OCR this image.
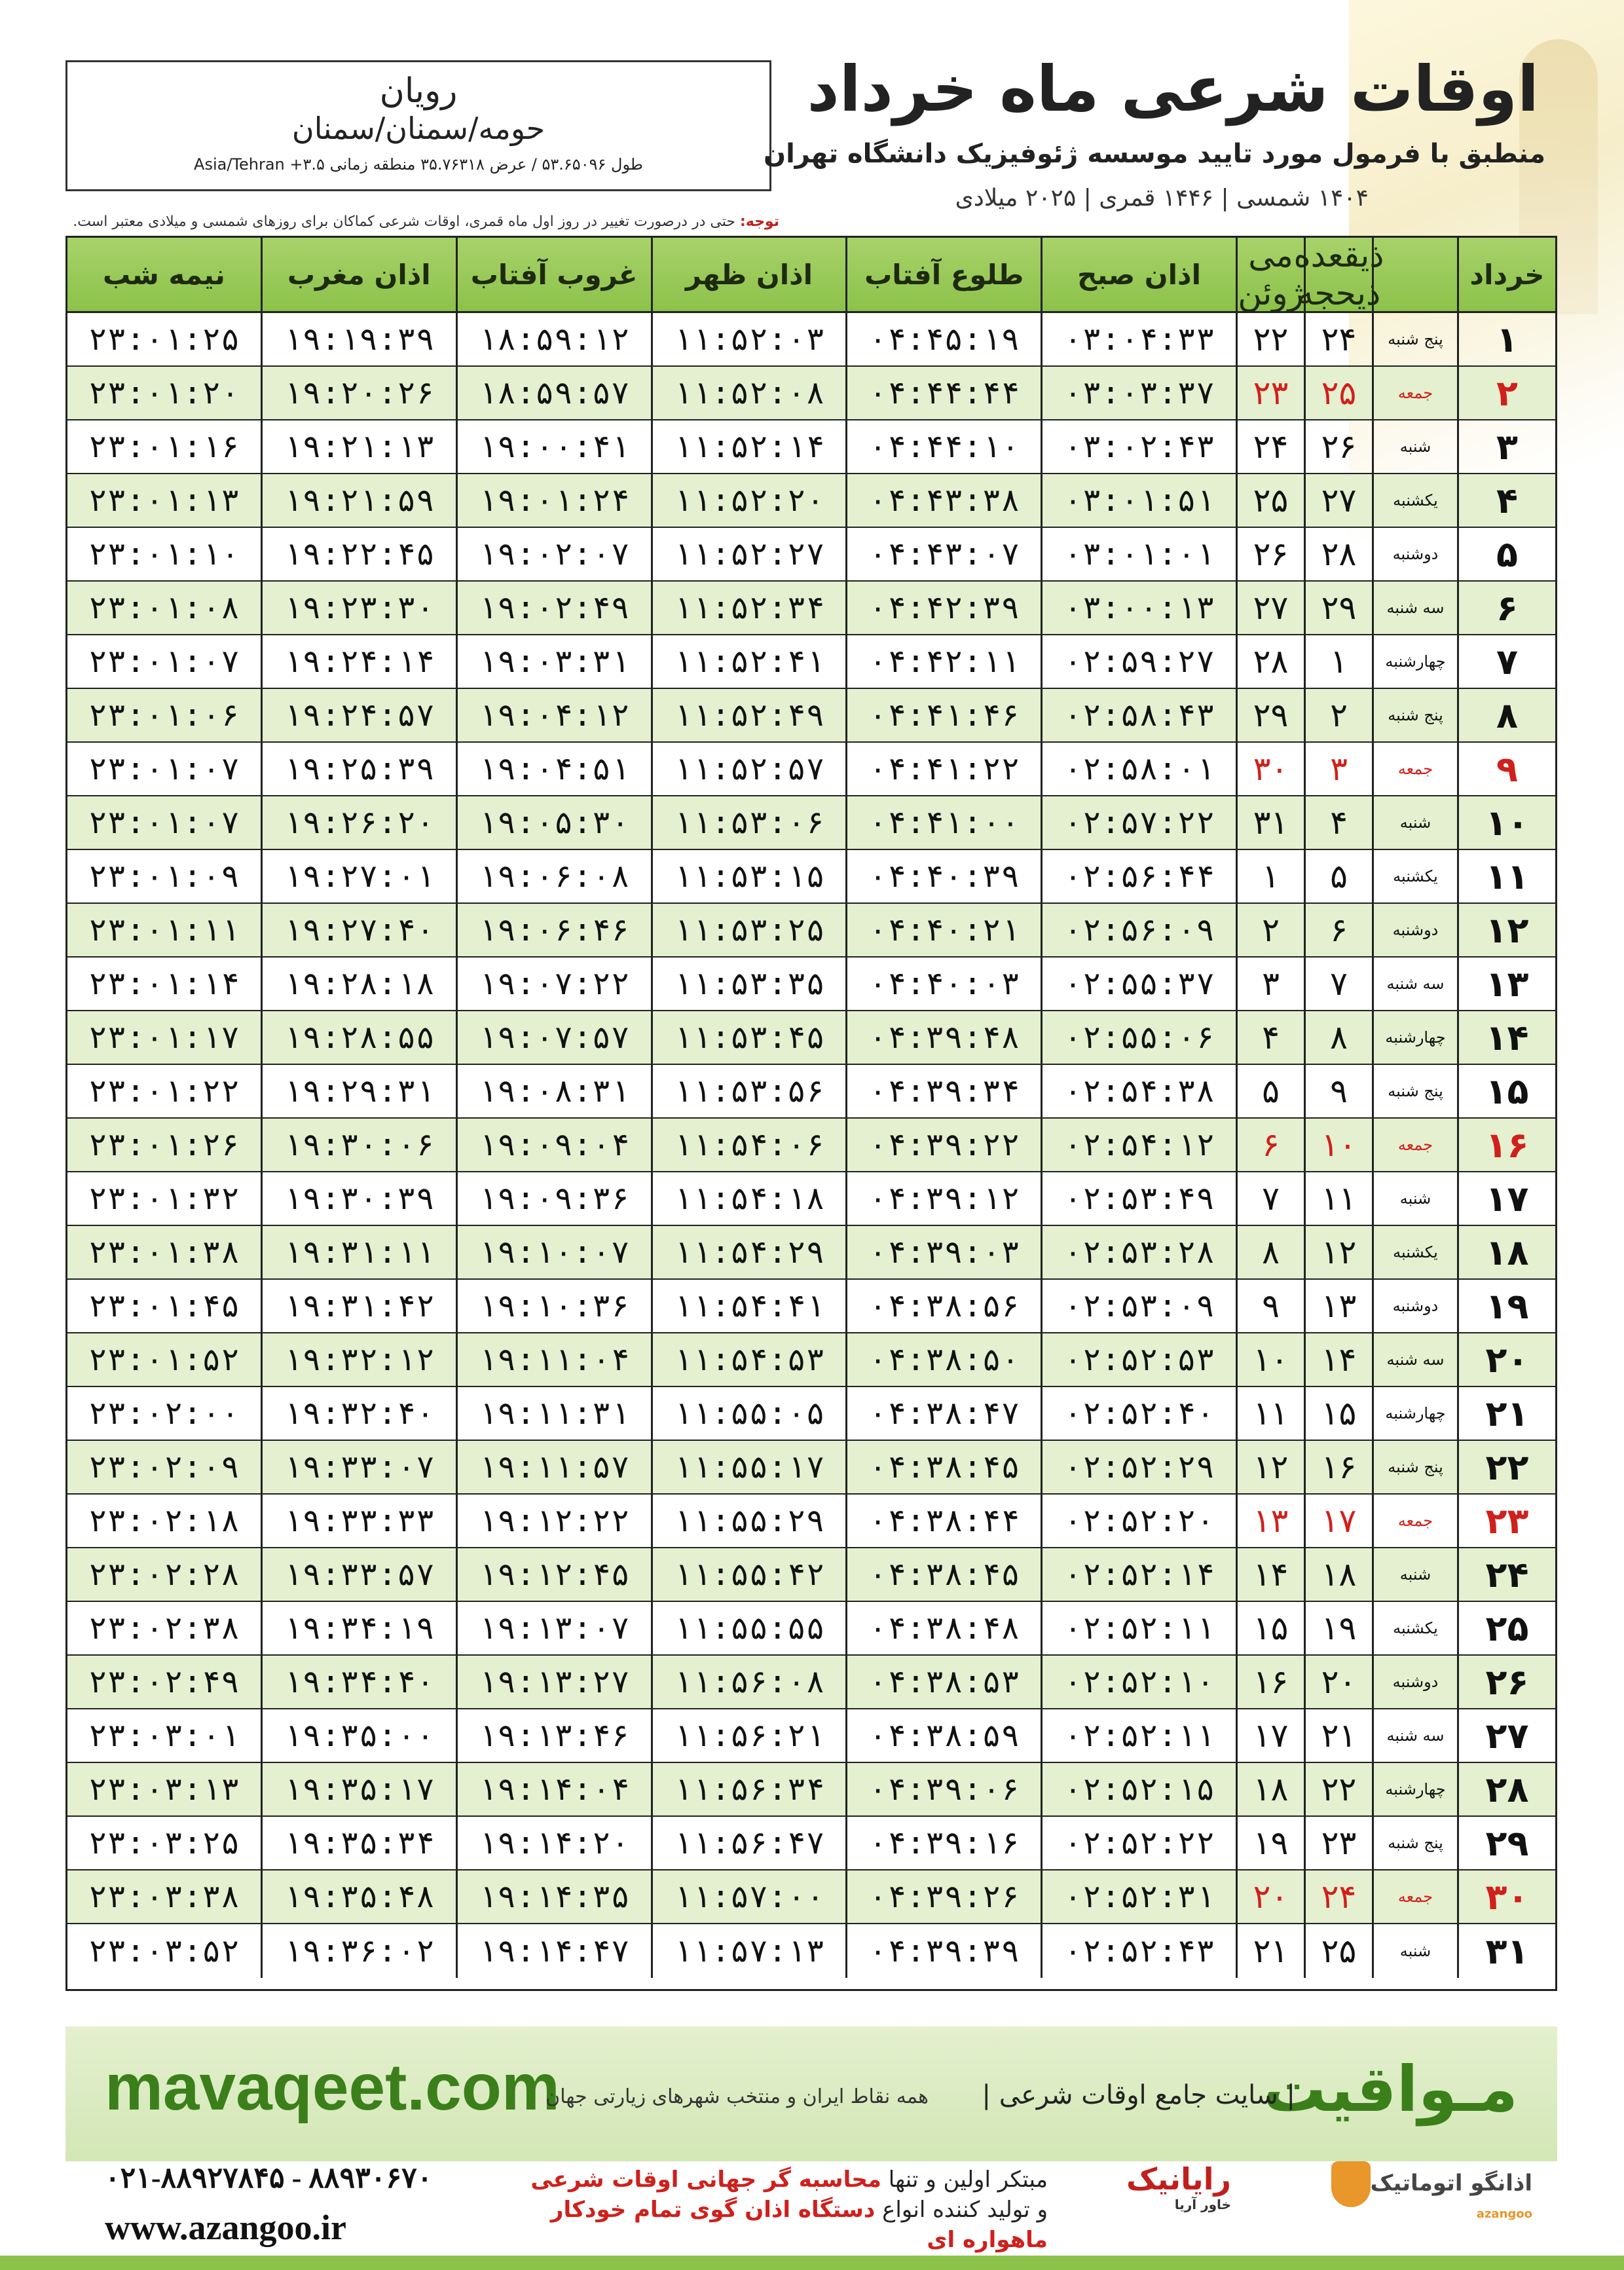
رویان
حومه/سمنان/سمنان
طول ۵۳.۶۵۰۹۶ / عرض ۳۵.۷۶۳۱۸ منطقه زمانی ۳.۵+ Asia/Tehran
اوقات شرعی ماه خرداد
منطبق با فرمول مورد تایید موسسه ژئوفیزیک دانشگاه تهران
۱۴۰۴ شمسی | ۱۴۴۶ قمری | ۲۰۲۵ میلادی
توجه: حتی در درصورت تغییر در روز اول ماه قمری، اوقات شرعی کماکان برای روزهای شمسی و میلادی معتبر است.
خرداد
ذیقعده
ذیحجه
می
ژوئن
اذان صبح
طلوع آفتاب
اذان ظهر
غروب آفتاب
اذان مغرب
نیمه شب
۱
پنج شنبه
۲۴
۲۲
۰۳:۰۴:۳۳
۰۴:۴۵:۱۹
۱۱:۵۲:۰۳
۱۸:۵۹:۱۲
۱۹:۱۹:۳۹
۲۳:۰۱:۲۵
۲
جمعه
۲۵
۲۳
۰۳:۰۳:۳۷
۰۴:۴۴:۴۴
۱۱:۵۲:۰۸
۱۸:۵۹:۵۷
۱۹:۲۰:۲۶
۲۳:۰۱:۲۰
۳
شنبه
۲۶
۲۴
۰۳:۰۲:۴۳
۰۴:۴۴:۱۰
۱۱:۵۲:۱۴
۱۹:۰۰:۴۱
۱۹:۲۱:۱۳
۲۳:۰۱:۱۶
۴
یکشنبه
۲۷
۲۵
۰۳:۰۱:۵۱
۰۴:۴۳:۳۸
۱۱:۵۲:۲۰
۱۹:۰۱:۲۴
۱۹:۲۱:۵۹
۲۳:۰۱:۱۳
۵
دوشنبه
۲۸
۲۶
۰۳:۰۱:۰۱
۰۴:۴۳:۰۷
۱۱:۵۲:۲۷
۱۹:۰۲:۰۷
۱۹:۲۲:۴۵
۲۳:۰۱:۱۰
۶
سه شنبه
۲۹
۲۷
۰۳:۰۰:۱۳
۰۴:۴۲:۳۹
۱۱:۵۲:۳۴
۱۹:۰۲:۴۹
۱۹:۲۳:۳۰
۲۳:۰۱:۰۸
۷
چهارشنبه
۱
۲۸
۰۲:۵۹:۲۷
۰۴:۴۲:۱۱
۱۱:۵۲:۴۱
۱۹:۰۳:۳۱
۱۹:۲۴:۱۴
۲۳:۰۱:۰۷
۸
پنج شنبه
۲
۲۹
۰۲:۵۸:۴۳
۰۴:۴۱:۴۶
۱۱:۵۲:۴۹
۱۹:۰۴:۱۲
۱۹:۲۴:۵۷
۲۳:۰۱:۰۶
۹
جمعه
۳
۳۰
۰۲:۵۸:۰۱
۰۴:۴۱:۲۲
۱۱:۵۲:۵۷
۱۹:۰۴:۵۱
۱۹:۲۵:۳۹
۲۳:۰۱:۰۷
۱۰
شنبه
۴
۳۱
۰۲:۵۷:۲۲
۰۴:۴۱:۰۰
۱۱:۵۳:۰۶
۱۹:۰۵:۳۰
۱۹:۲۶:۲۰
۲۳:۰۱:۰۷
۱۱
یکشنبه
۵
۱
۰۲:۵۶:۴۴
۰۴:۴۰:۳۹
۱۱:۵۳:۱۵
۱۹:۰۶:۰۸
۱۹:۲۷:۰۱
۲۳:۰۱:۰۹
۱۲
دوشنبه
۶
۲
۰۲:۵۶:۰۹
۰۴:۴۰:۲۱
۱۱:۵۳:۲۵
۱۹:۰۶:۴۶
۱۹:۲۷:۴۰
۲۳:۰۱:۱۱
۱۳
سه شنبه
۷
۳
۰۲:۵۵:۳۷
۰۴:۴۰:۰۳
۱۱:۵۳:۳۵
۱۹:۰۷:۲۲
۱۹:۲۸:۱۸
۲۳:۰۱:۱۴
۱۴
چهارشنبه
۸
۴
۰۲:۵۵:۰۶
۰۴:۳۹:۴۸
۱۱:۵۳:۴۵
۱۹:۰۷:۵۷
۱۹:۲۸:۵۵
۲۳:۰۱:۱۷
۱۵
پنج شنبه
۹
۵
۰۲:۵۴:۳۸
۰۴:۳۹:۳۴
۱۱:۵۳:۵۶
۱۹:۰۸:۳۱
۱۹:۲۹:۳۱
۲۳:۰۱:۲۲
۱۶
جمعه
۱۰
۶
۰۲:۵۴:۱۲
۰۴:۳۹:۲۲
۱۱:۵۴:۰۶
۱۹:۰۹:۰۴
۱۹:۳۰:۰۶
۲۳:۰۱:۲۶
۱۷
شنبه
۱۱
۷
۰۲:۵۳:۴۹
۰۴:۳۹:۱۲
۱۱:۵۴:۱۸
۱۹:۰۹:۳۶
۱۹:۳۰:۳۹
۲۳:۰۱:۳۲
۱۸
یکشنبه
۱۲
۸
۰۲:۵۳:۲۸
۰۴:۳۹:۰۳
۱۱:۵۴:۲۹
۱۹:۱۰:۰۷
۱۹:۳۱:۱۱
۲۳:۰۱:۳۸
۱۹
دوشنبه
۱۳
۹
۰۲:۵۳:۰۹
۰۴:۳۸:۵۶
۱۱:۵۴:۴۱
۱۹:۱۰:۳۶
۱۹:۳۱:۴۲
۲۳:۰۱:۴۵
۲۰
سه شنبه
۱۴
۱۰
۰۲:۵۲:۵۳
۰۴:۳۸:۵۰
۱۱:۵۴:۵۳
۱۹:۱۱:۰۴
۱۹:۳۲:۱۲
۲۳:۰۱:۵۲
۲۱
چهارشنبه
۱۵
۱۱
۰۲:۵۲:۴۰
۰۴:۳۸:۴۷
۱۱:۵۵:۰۵
۱۹:۱۱:۳۱
۱۹:۳۲:۴۰
۲۳:۰۲:۰۰
۲۲
پنج شنبه
۱۶
۱۲
۰۲:۵۲:۲۹
۰۴:۳۸:۴۵
۱۱:۵۵:۱۷
۱۹:۱۱:۵۷
۱۹:۳۳:۰۷
۲۳:۰۲:۰۹
۲۳
جمعه
۱۷
۱۳
۰۲:۵۲:۲۰
۰۴:۳۸:۴۴
۱۱:۵۵:۲۹
۱۹:۱۲:۲۲
۱۹:۳۳:۳۳
۲۳:۰۲:۱۸
۲۴
شنبه
۱۸
۱۴
۰۲:۵۲:۱۴
۰۴:۳۸:۴۵
۱۱:۵۵:۴۲
۱۹:۱۲:۴۵
۱۹:۳۳:۵۷
۲۳:۰۲:۲۸
۲۵
یکشنبه
۱۹
۱۵
۰۲:۵۲:۱۱
۰۴:۳۸:۴۸
۱۱:۵۵:۵۵
۱۹:۱۳:۰۷
۱۹:۳۴:۱۹
۲۳:۰۲:۳۸
۲۶
دوشنبه
۲۰
۱۶
۰۲:۵۲:۱۰
۰۴:۳۸:۵۳
۱۱:۵۶:۰۸
۱۹:۱۳:۲۷
۱۹:۳۴:۴۰
۲۳:۰۲:۴۹
۲۷
سه شنبه
۲۱
۱۷
۰۲:۵۲:۱۱
۰۴:۳۸:۵۹
۱۱:۵۶:۲۱
۱۹:۱۳:۴۶
۱۹:۳۵:۰۰
۲۳:۰۳:۰۱
۲۸
چهارشنبه
۲۲
۱۸
۰۲:۵۲:۱۵
۰۴:۳۹:۰۶
۱۱:۵۶:۳۴
۱۹:۱۴:۰۴
۱۹:۳۵:۱۷
۲۳:۰۳:۱۳
۲۹
پنج شنبه
۲۳
۱۹
۰۲:۵۲:۲۲
۰۴:۳۹:۱۶
۱۱:۵۶:۴۷
۱۹:۱۴:۲۰
۱۹:۳۵:۳۴
۲۳:۰۳:۲۵
۳۰
جمعه
۲۴
۲۰
۰۲:۵۲:۳۱
۰۴:۳۹:۲۶
۱۱:۵۷:۰۰
۱۹:۱۴:۳۵
۱۹:۳۵:۴۸
۲۳:۰۳:۳۸
۳۱
شنبه
۲۵
۲۱
۰۲:۵۲:۴۳
۰۴:۳۹:۳۹
۱۱:۵۷:۱۳
۱۹:۱۴:۴۷
۱۹:۳۶:۰۲
۲۳:۰۳:۵۲
mavaqeet.com	مـواقیت
| سایت جامع اوقات شرعی |
همه نقاط ایران و منتخب شهرهای زیارتی جهان
۰۲۱-۸۸۹۲۷۸۴۵ - ۸۸۹۳۰۶۷۰
www.azangoo.ir
مبتکر اولین و تنها محاسبه گر جهانی اوقات شرعی
و تولید کننده انواع دستگاه اذان گوی تمام خودکار ماهواره ای
رایانیک
خاور آریا
اذانگو اتوماتیک
azangoo
